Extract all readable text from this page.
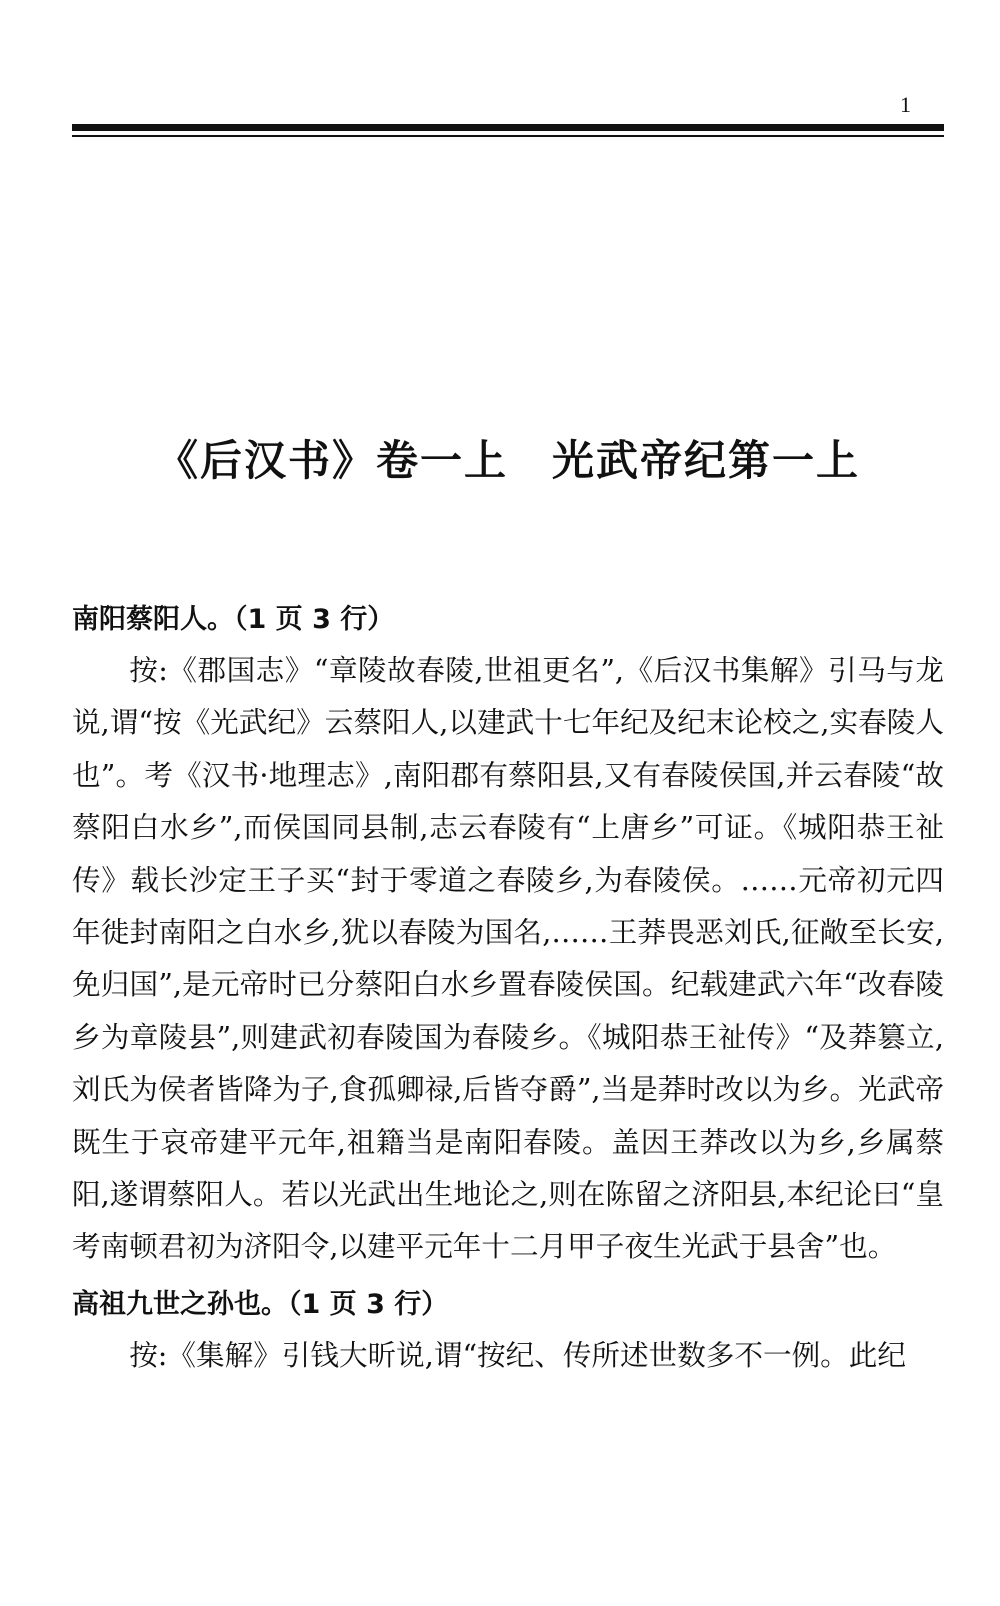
1
《后汉书》卷一上　光武帝纪第一上

南阳蔡阳人。（1 页 3 行）

按:《郡国志》“章陵故春陵,世祖更名”,《后汉书集解》引马与龙说,谓“按《光武纪》云蔡阳人,以建武十七年纪及纪末论校之,实春陵人也”。考《汉书·地理志》,南阳郡有蔡阳县,又有春陵侯国,并云春陵“故蔡阳白水乡”,而侯国同县制,志云春陵有“上唐乡”可证。《城阳恭王祉传》载长沙定王子买“封于零道之春陵乡,为春陵侯。……元帝初元四年徙封南阳之白水乡,犹以春陵为国名,……王莽畏恶刘氏,征敞至长安,免归国”,是元帝时已分蔡阳白水乡置春陵侯国。纪载建武六年“改春陵乡为章陵县”,则建武初春陵国为春陵乡。《城阳恭王祉传》“及莽篡立,刘氏为侯者皆降为子,食孤卿禄,后皆夺爵”,当是莽时改以为乡。光武帝既生于哀帝建平元年,祖籍当是南阳春陵。盖因王莽改以为乡,乡属蔡阳,遂谓蔡阳人。若以光武出生地论之,则在陈留之济阳县,本纪论曰“皇考南顿君初为济阳令,以建平元年十二月甲子夜生光武于县舍”也。

高祖九世之孙也。（1 页 3 行）

按:《集解》引钱大昕说,谓“按纪、传所述世数多不一例。此纪
